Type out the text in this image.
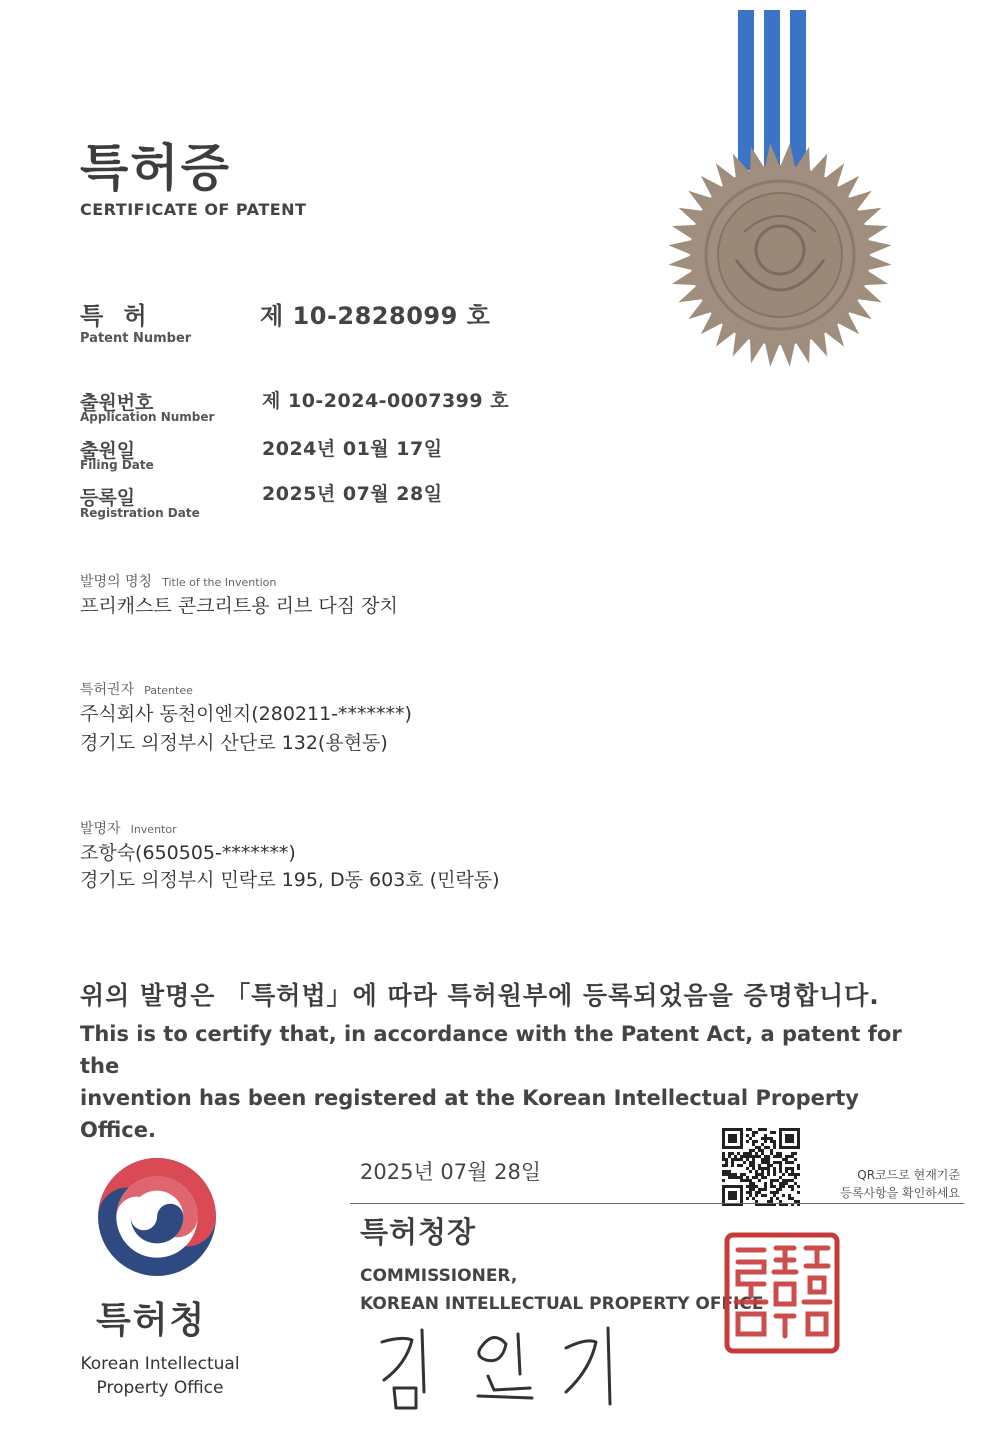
특허증
CERTIFICATE OF PATENT
특 허
Patent Number
제 10-2828099 호
출원번호
Application Number
제 10-2024-0007399 호
출원일
Filing Date
2024년 01월 17일
등록일
Registration Date
2025년 07월 28일
발명의 명칭 Title of the Invention
프리캐스트 콘크리트용 리브 다짐 장치
특허권자 Patentee
주식회사 동천이엔지(280211-*******)
경기도 의정부시 산단로 132(용현동)
발명자 Inventor
조항숙(650505-*******)
경기도 의정부시 민락로 195, D동 603호 (민락동)
위의 발명은 「특허법」에 따라 특허원부에 등록되었음을 증명합니다.
This is to certify that, in accordance with the Patent Act, a patent for the
invention has been registered at the Korean Intellectual Property Office.
특허청
Korean Intellectual
Property Office
2025년 07월 28일	QR코드로 현재기준
등록사항을 확인하세요
특허청장
COMMISSIONER,
KOREAN INTELLECTUAL PROPERTY OFFICE
